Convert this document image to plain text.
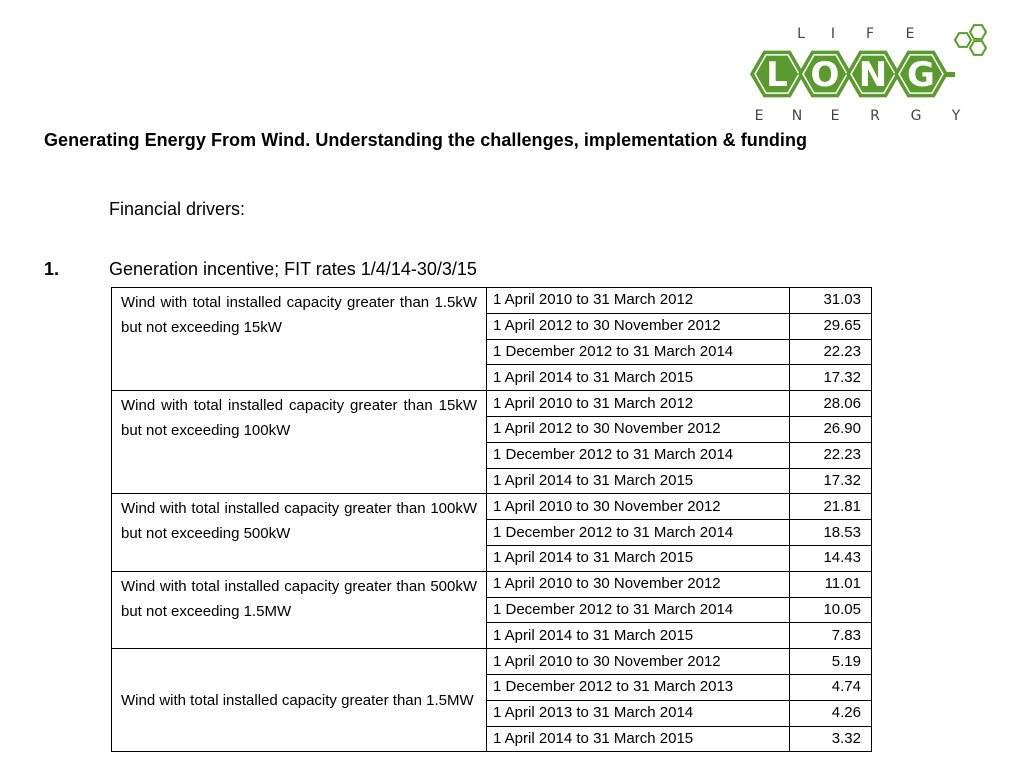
L O N G
L I F E
E N E R G Y
Generating Energy From Wind. Understanding the challenges, implementation & funding
Financial drivers:
1.	Generation incentive; FIT rates 1/4/14-30/3/15
Wind with total installed capacity greater than 1.5kW but not exceeding 15kW	1 April 2010 to 31 March 2012	31.03
	1 April 2012 to 30 November 2012	29.65
	1 December 2012 to 31 March 2014	22.23
	1 April 2014 to 31 March 2015	17.32
Wind with total installed capacity greater than 15kW but not exceeding 100kW	1 April 2010 to 31 March 2012	28.06
	1 April 2012 to 30 November 2012	26.90
	1 December 2012 to 31 March 2014	22.23
	1 April 2014 to 31 March 2015	17.32
Wind with total installed capacity greater than 100kW but not exceeding 500kW	1 April 2010 to 30 November 2012	21.81
	1 December 2012 to 31 March 2014	18.53
	1 April 2014 to 31 March 2015	14.43
Wind with total installed capacity greater than 500kW but not exceeding 1.5MW	1 April 2010 to 30 November 2012	11.01
	1 December 2012 to 31 March 2014	10.05
	1 April 2014 to 31 March 2015	7.83
Wind with total installed capacity greater than 1.5MW	1 April 2010 to 30 November 2012	5.19
	1 December 2012 to 31 March 2013	4.74
	1 April 2013 to 31 March 2014	4.26
	1 April 2014 to 31 March 2015	3.32
